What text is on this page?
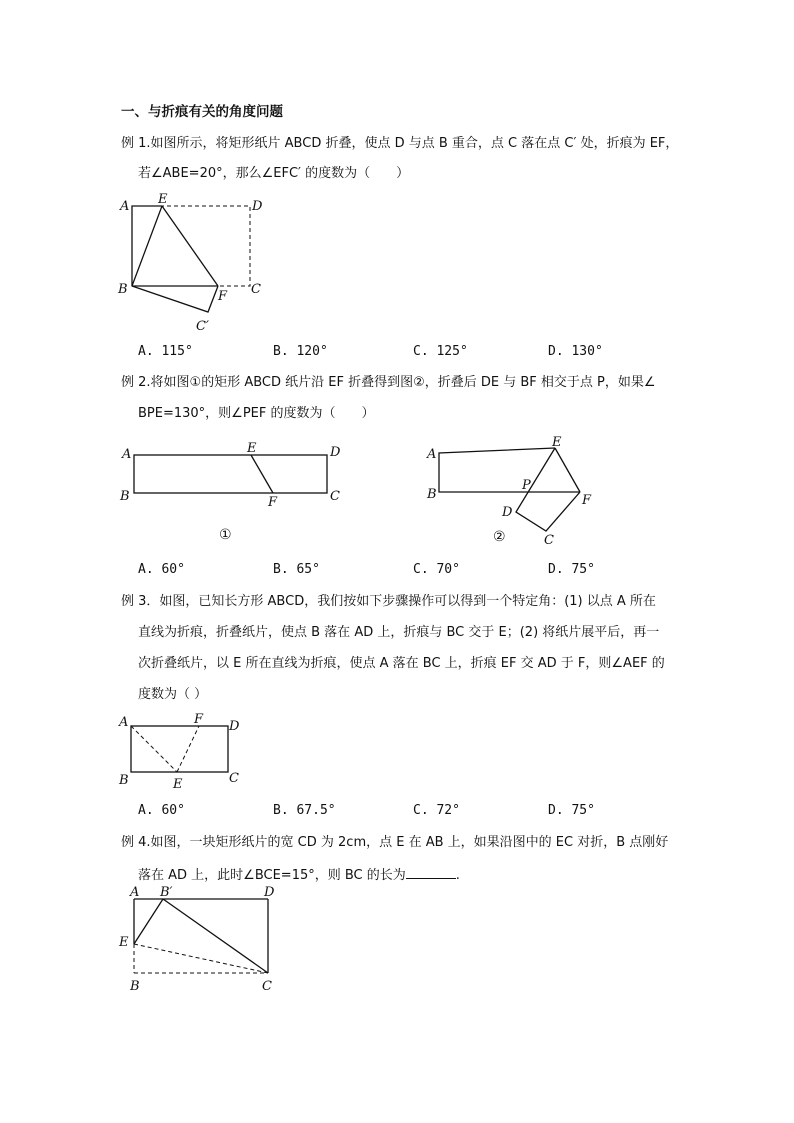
一、与折痕有关的角度问题
例 1.如图所示，将矩形纸片 ABCD 折叠，使点 D 与点 B 重合，点 C 落在点 C′ 处，折痕为 EF，
若∠ABE=20°，那么∠EFC′ 的度数为（　　）
A E	D
B	F C
C′
A. 115°	B. 120°	C. 125°	D. 130°
例 2.将如图①的矩形 ABCD 纸片沿 EF 折叠得到图②，折叠后 DE 与 BF 相交于点 P，如果∠
BPE=130°，则∠PEF 的度数为（　　）
A	E	D
B	F	C
①
A
E
B
P
F
D
C
②
A. 60°	B. 65°	C. 70°	D. 75°
例 3．如图，已知长方形 ABCD，我们按如下步骤操作可以得到一个特定角：(1) 以点 A 所在
直线为折痕，折叠纸片，使点 B 落在 AD 上，折痕与 BC 交于 E；(2) 将纸片展平后，再一
次折叠纸片，以 E 所在直线为折痕，使点 A 落在 BC 上，折痕 EF 交 AD 于 F，则∠AEF 的
度数为（ ）
A	F D
B	E	C
A. 60°	B. 67.5°	C. 72°	D. 75°
例 4.如图，一块矩形纸片的宽 CD 为 2cm，点 E 在 AB 上，如果沿图中的 EC 对折，B 点刚好
落在 AD 上，此时∠BCE=15°，则 BC 的长为	.
A B′	D
E
B	C
